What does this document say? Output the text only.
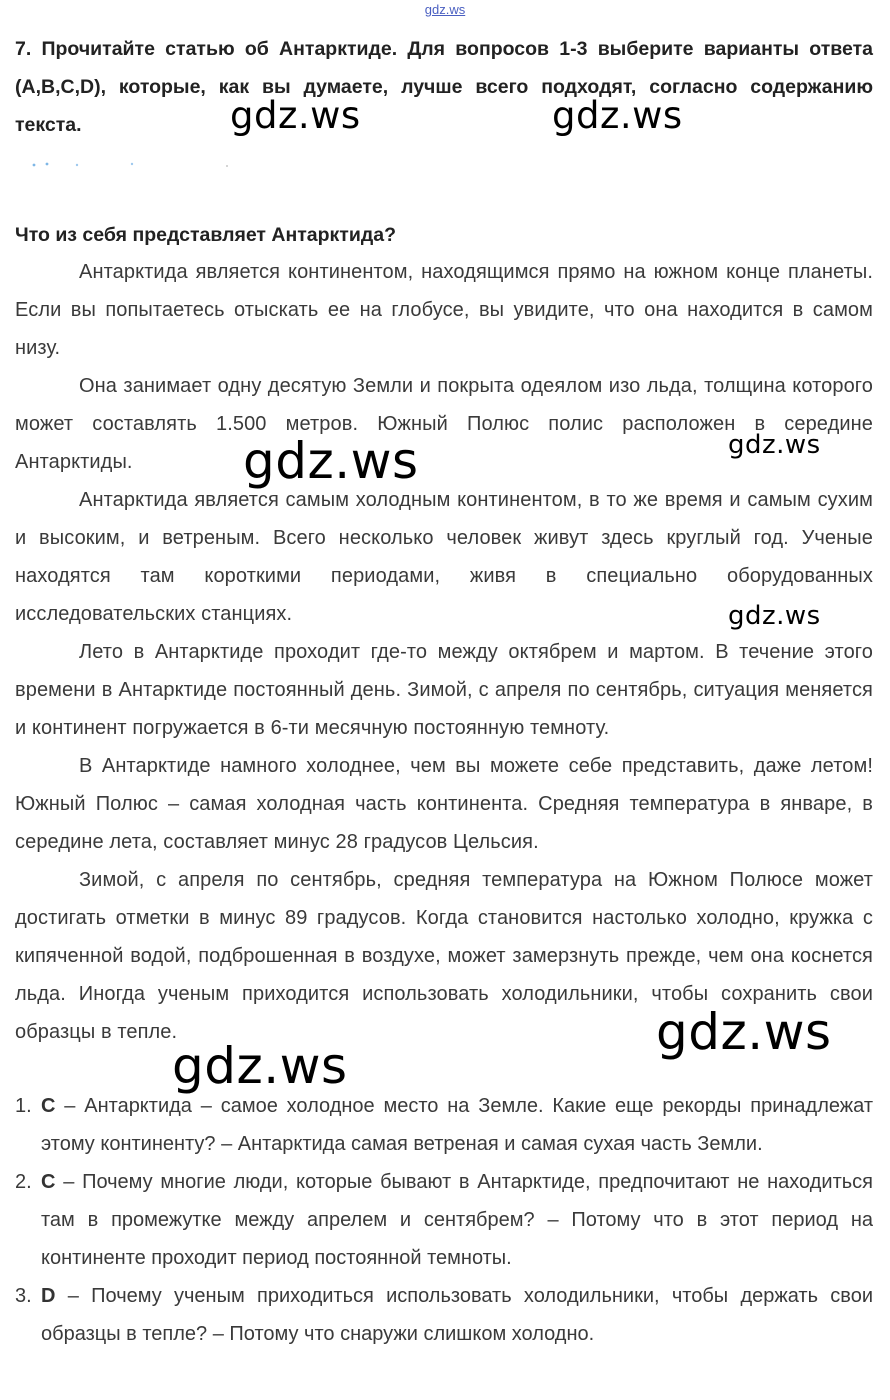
gdz.ws
7. Прочитайте статью об Антарктиде. Для вопросов 1-3 выберите варианты ответа (A,B,C,D), которые, как вы думаете, лучше всего подходят, согласно содержанию текста.
Что из себя представляет Антарктида?

Антарктида является континентом, находящимся прямо на южном конце планеты. Если вы попытаетесь отыскать ее на глобусе, вы увидите, что она находится в самом низу.

Она занимает одну десятую Земли и покрыта одеялом изо льда, толщина которого может составлять 1.500 метров. Южный Полюс полис расположен в середине Антарктиды.

Антарктида является самым холодным континентом, в то же время и самым сухим и высоким, и ветреным. Всего несколько человек живут здесь круглый год. Ученые находятся там короткими периодами, живя в специально оборудованных исследовательских станциях.

Лето в Антарктиде проходит где-то между октябрем и мартом. В течение этого времени в Антарктиде постоянный день. Зимой, с апреля по сентябрь, ситуация меняется и континент погружается в 6-ти месячную постоянную темноту.

В Антарктиде намного холоднее, чем вы можете себе представить, даже летом! Южный Полюс – самая холодная часть континента. Средняя температура в январе, в середине лета, составляет минус 28 градусов Цельсия.

Зимой, с апреля по сентябрь, средняя температура на Южном Полюсе может достигать отметки в минус 89 градусов. Когда становится настолько холодно, кружка с кипяченной водой, подброшенная в воздухе, может замерзнуть прежде, чем она коснется льда. Иногда ученым приходится использовать холодильники, чтобы сохранить свои образцы в тепле.

1. C – Антарктида – самое холодное место на Земле. Какие еще рекорды принадлежат этому континенту? – Антарктида самая ветреная и самая сухая часть Земли.
2. C – Почему многие люди, которые бывают в Антарктиде, предпочитают не находиться там в промежутке между апрелем и сентябрем? – Потому что в этот период на континенте проходит период постоянной темноты.
3. D – Почему ученым приходиться использовать холодильники, чтобы держать свои образцы в тепле? – Потому что снаружи слишком холодно.
gdz.ws	gdz.ws
gdz.ws	gdz.ws
gdz.ws
gdz.ws
gdz.ws
